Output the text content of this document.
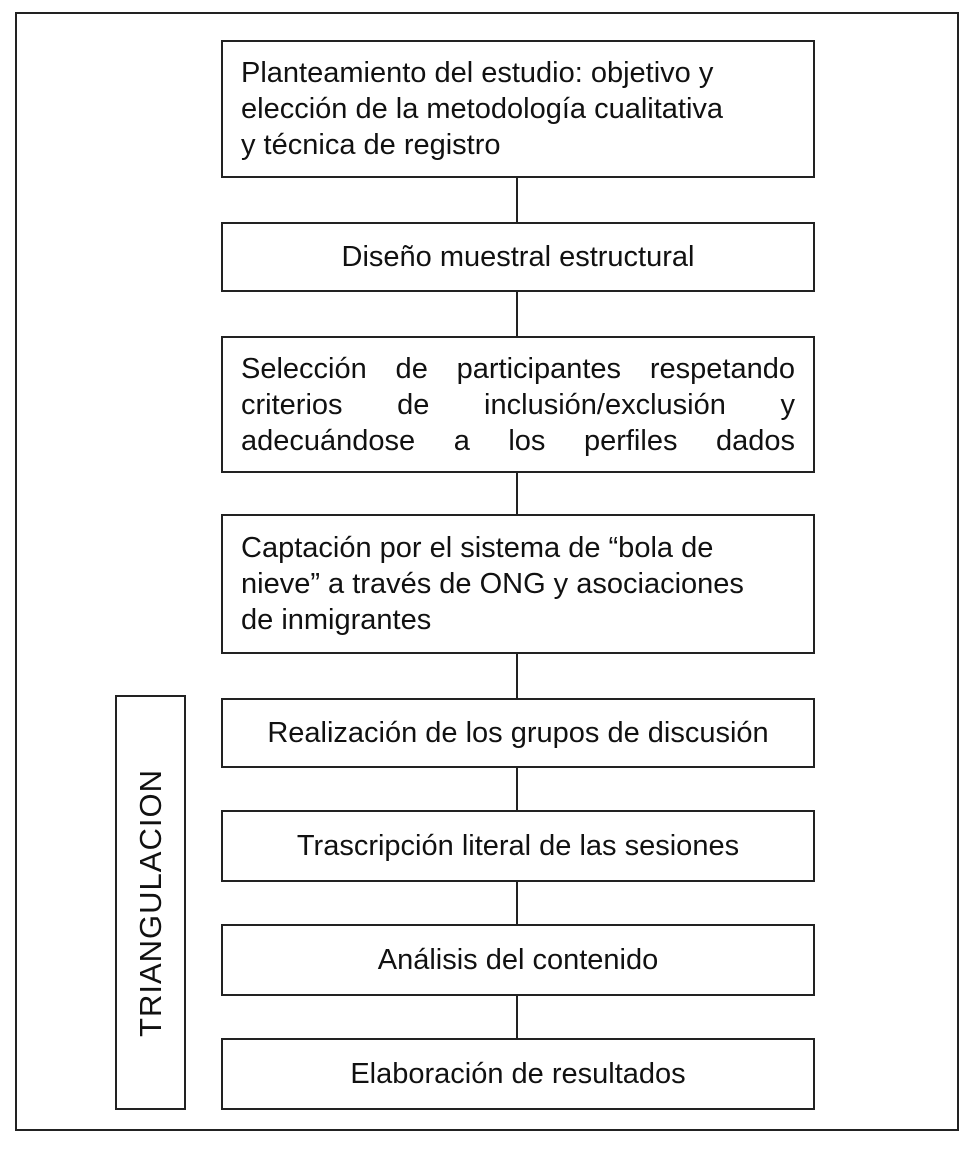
Planteamiento del estudio: objetivo y
elección de la metodología cualitativa
y técnica de registro
Diseño muestral estructural
Selección de participantes respetando
criterios de inclusión/exclusión y
adecuándose a los perfiles dados
Captación por el sistema de “bola de
nieve” a través de ONG y asociaciones
de inmigrantes
Realización de los grupos de discusión
Trascripción literal de las sesiones
Análisis del contenido
Elaboración de resultados
TRIANGULACION
